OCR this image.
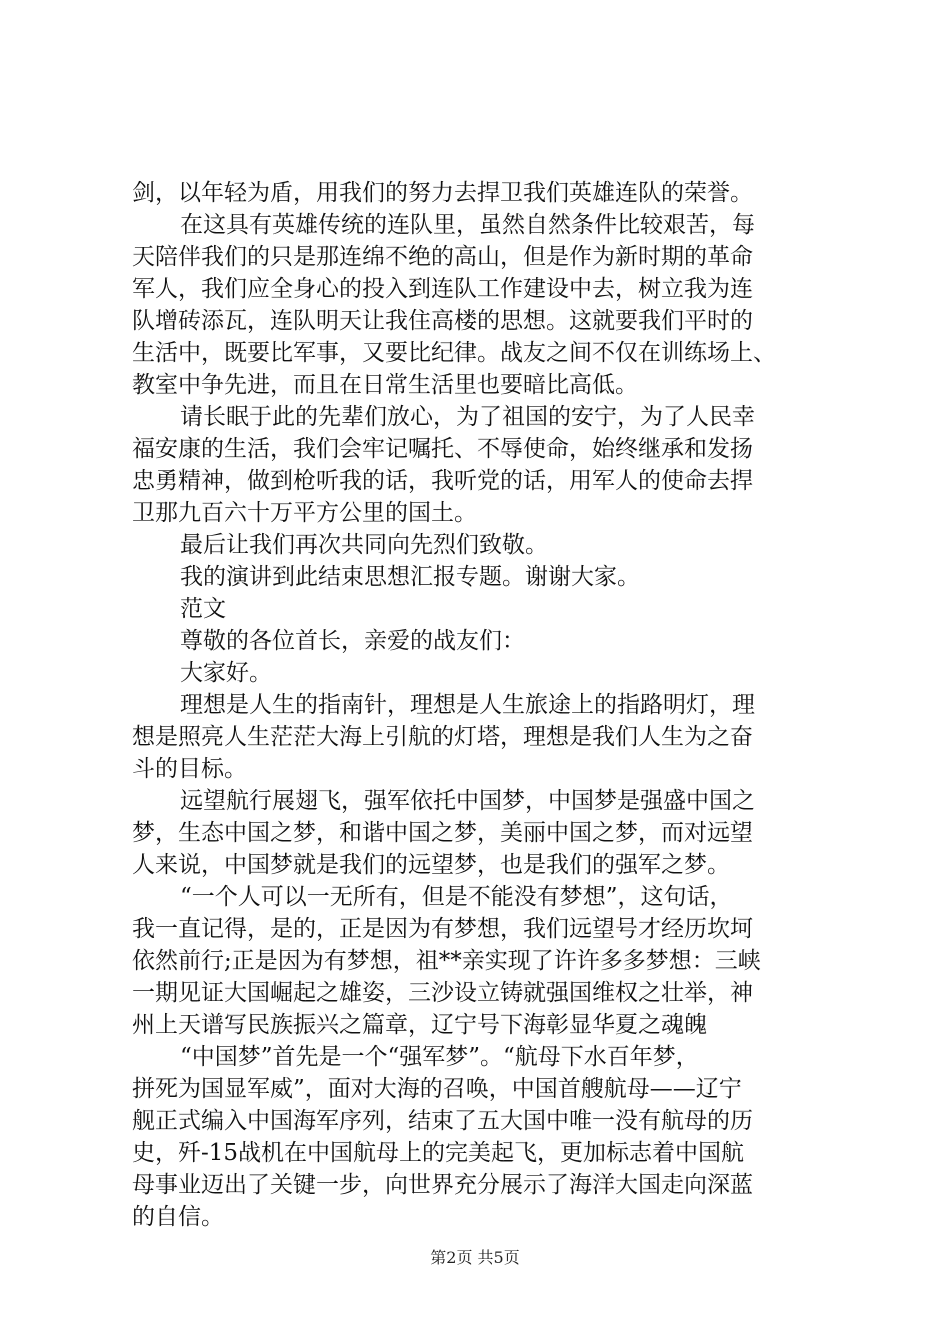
剑，以年轻为盾，用我们的努力去捍卫我们英雄连队的荣誉。
在这具有英雄传统的连队里，虽然自然条件比较艰苦，每
天陪伴我们的只是那连绵不绝的高山，但是作为新时期的革命
军人，我们应全身心的投入到连队工作建设中去，树立我为连
队增砖添瓦，连队明天让我住高楼的思想。这就要我们平时的
生活中，既要比军事，又要比纪律。战友之间不仅在训练场上、
教室中争先进，而且在日常生活里也要暗比高低。
请长眠于此的先辈们放心，为了祖国的安宁，为了人民幸
福安康的生活，我们会牢记嘱托、不辱使命，始终继承和发扬
忠勇精神，做到枪听我的话，我听党的话，用军人的使命去捍
卫那九百六十万平方公里的国土。
最后让我们再次共同向先烈们致敬。
我的演讲到此结束思想汇报专题。谢谢大家。
范文
尊敬的各位首长，亲爱的战友们：
大家好。
理想是人生的指南针，理想是人生旅途上的指路明灯，理
想是照亮人生茫茫大海上引航的灯塔，理想是我们人生为之奋
斗的目标。
远望航行展翅飞，强军依托中国梦，中国梦是强盛中国之
梦，生态中国之梦，和谐中国之梦，美丽中国之梦，而对远望
人来说，中国梦就是我们的远望梦，也是我们的强军之梦。
“一个人可以一无所有，但是不能没有梦想”，这句话，
我一直记得，是的，正是因为有梦想，我们远望号才经历坎坷
依然前行;正是因为有梦想，祖**亲实现了许许多多梦想：三峡
一期见证大国崛起之雄姿，三沙设立铸就强国维权之壮举，神
州上天谱写民族振兴之篇章，辽宁号下海彰显华夏之魂魄
“中国梦”首先是一个“强军梦”。“航母下水百年梦，
拼死为国显军威”，面对大海的召唤，中国首艘航母——辽宁
舰正式编入中国海军序列，结束了五大国中唯一没有航母的历
史，歼-15战机在中国航母上的完美起飞，更加标志着中国航
母事业迈出了关键一步，向世界充分展示了海洋大国走向深蓝
的自信。
第2页 共5页
